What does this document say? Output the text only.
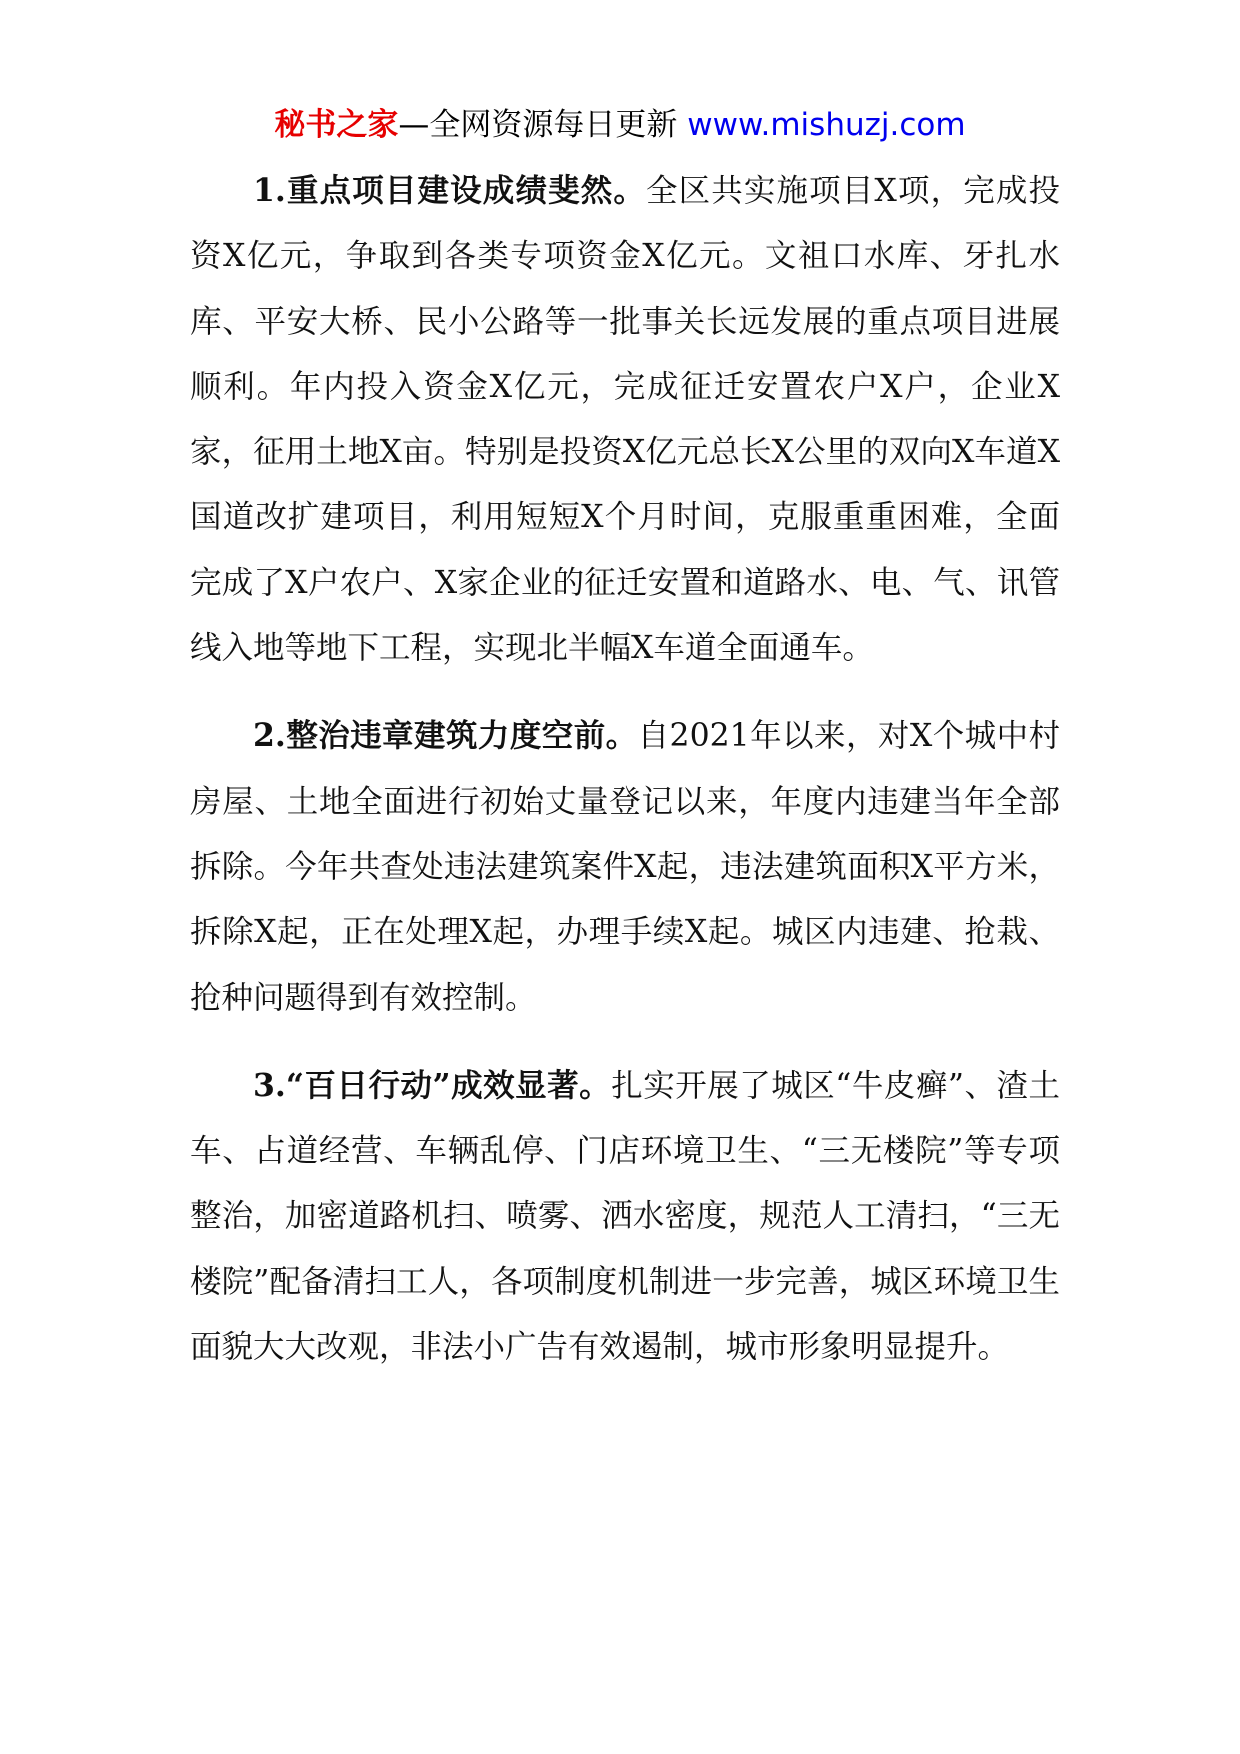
秘书之家—全网资源每日更新 www.mishuzj.com

1.重点项目建设成绩斐然。全区共实施项目X项，完成投资X亿元，争取到各类专项资金X亿元。文祖口水库、牙扎水库、平安大桥、民小公路等一批事关长远发展的重点项目进展顺利。年内投入资金X亿元，完成征迁安置农户X户，企业X家，征用土地X亩。特别是投资X亿元总长X公里的双向X车道X国道改扩建项目，利用短短X个月时间，克服重重困难，全面完成了X户农户、X家企业的征迁安置和道路水、电、气、讯管线入地等地下工程，实现北半幅X车道全面通车。

2.整治违章建筑力度空前。自2021年以来，对X个城中村房屋、土地全面进行初始丈量登记以来，年度内违建当年全部拆除。今年共查处违法建筑案件X起，违法建筑面积X平方米，拆除X起，正在处理X起，办理手续X起。城区内违建、抢栽、抢种问题得到有效控制。

3.“百日行动”成效显著。扎实开展了城区“牛皮癣”、渣土车、占道经营、车辆乱停、门店环境卫生、“三无楼院”等专项整治，加密道路机扫、喷雾、洒水密度，规范人工清扫，“三无楼院”配备清扫工人，各项制度机制进一步完善，城区环境卫生面貌大大改观，非法小广告有效遏制，城市形象明显提升。
